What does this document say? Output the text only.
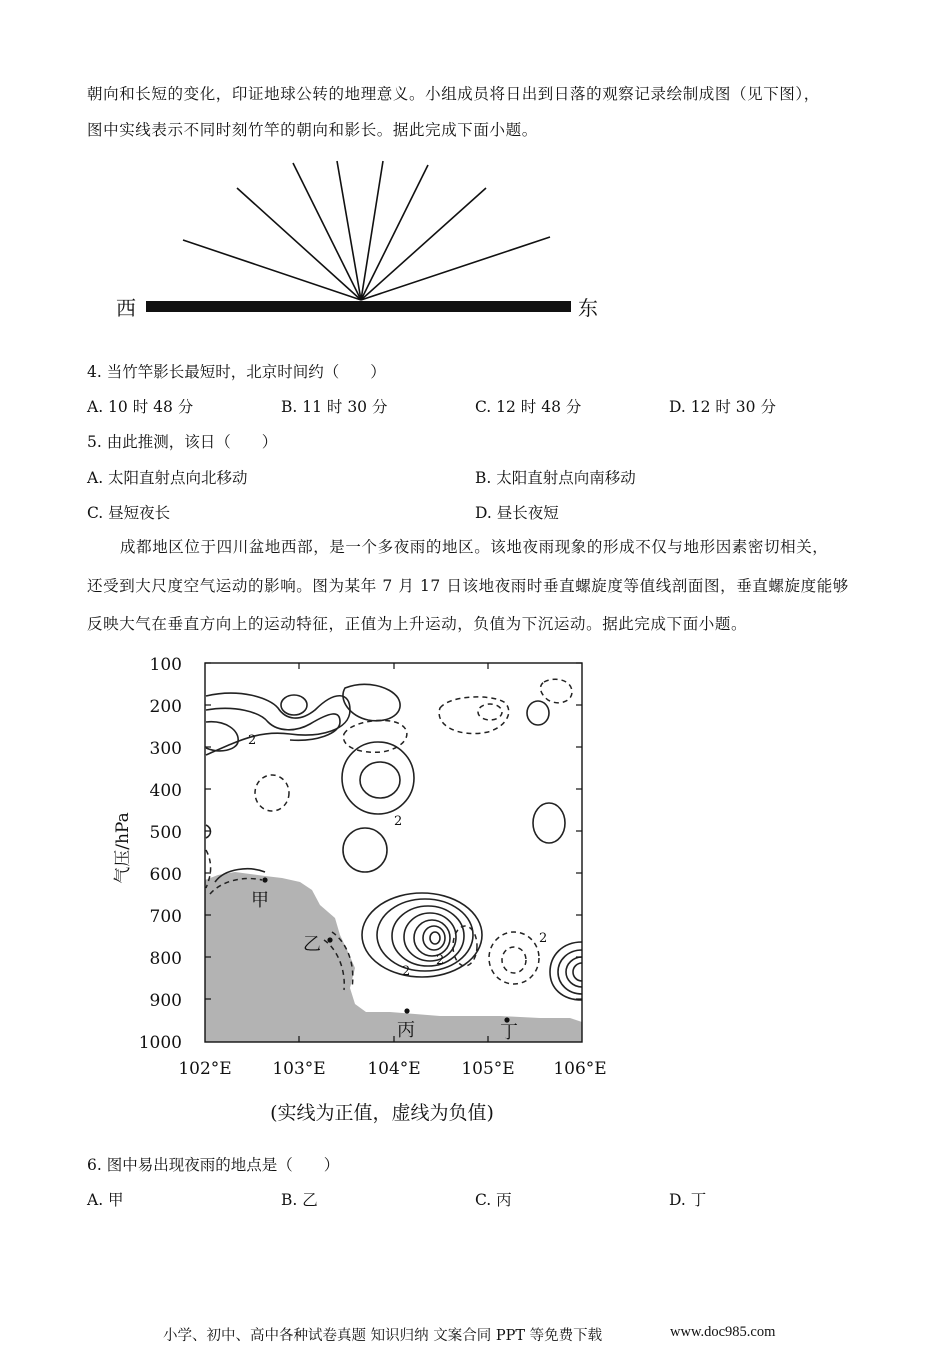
朝向和长短的变化，印证地球公转的地理意义。小组成员将日出到日落的观察记录绘制成图（见下图），
图中实线表示不同时刻竹竿的朝向和影长。据此完成下面小题。
西	东
4. 当竹竿影长最短时，北京时间约（　　）
A. 10 时 48 分	B. 11 时 30 分	C. 12 时 48 分	D. 12 时 30 分
5. 由此推测，该日（　　）
A. 太阳直射点向北移动	B. 太阳直射点向南移动
C. 昼短夜长	D. 昼长夜短
成都地区位于四川盆地西部，是一个多夜雨的地区。该地夜雨现象的形成不仅与地形因素密切相关，
还受到大尺度空气运动的影响。图为某年 7 月 17 日该地夜雨时垂直螺旋度等值线剖面图，垂直螺旋度能够
反映大气在垂直方向上的运动特征，正值为上升运动，负值为下沉运动。据此完成下面小题。
100
200
300
400
500
600
700
800
900
1000
气压/hPa
102°E 103°E 104°E 105°E 106°E
2
2
2
2
2
甲
乙
丙	丁
(实线为正值，虚线为负值)
6. 图中易出现夜雨的地点是（　　）
A. 甲	B. 乙	C. 丙	D. 丁
小学、初中、高中各种试卷真题 知识归纳 文案合同 PPT 等免费下载	www.doc985.com
